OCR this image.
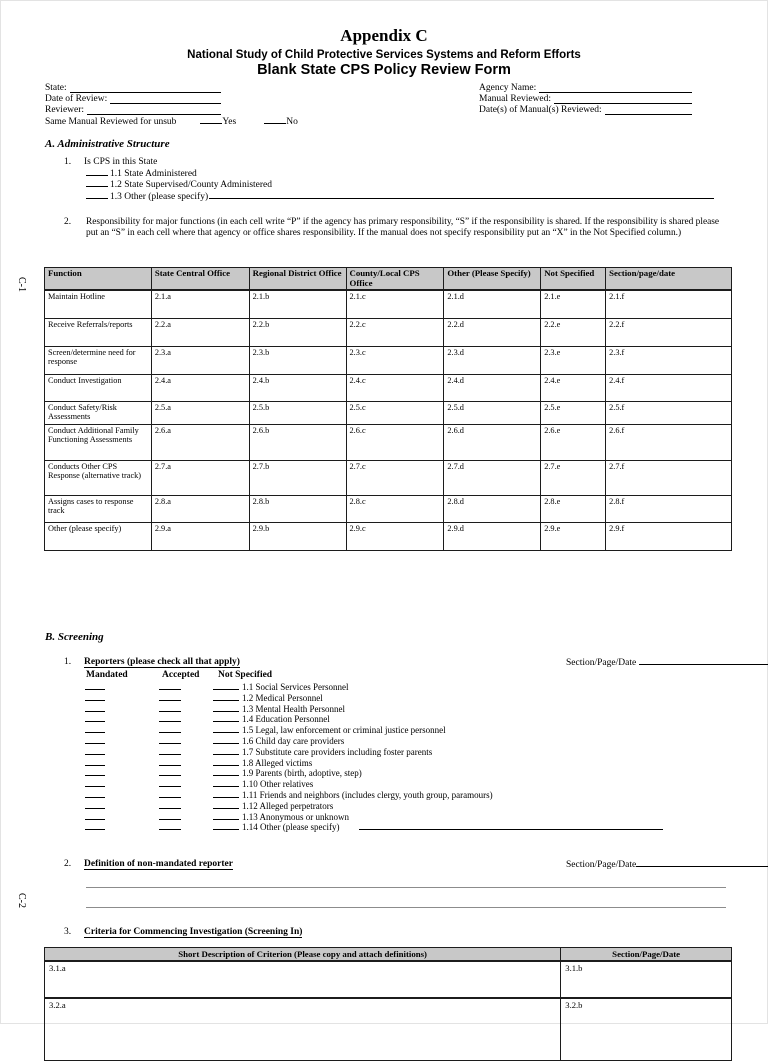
C-1
C-2
Appendix C
National Study of Child Protective Services Systems and Reform Efforts
Blank State CPS Policy Review Form
State:
Date of Review:
Reviewer:
Same Manual Reviewed for unsub	Yes	No
Agency Name:
Manual Reviewed:
Date(s) of Manual(s) Reviewed:
A. Administrative Structure
1. Is CPS in this State
1.1 State Administered
1.2 State Supervised/County Administered
1.3 Other (please specify)
2.	Responsibility for major functions (in each cell write “P” if the agency has primary responsibility, “S” if the responsibility is shared. If the responsibility is shared please put an “S” in each cell where that agency or office shares responsibility. If the manual does not specify responsibility put an “X” in the Not Specified column.)
Function	State Central Office	Regional District Office	County/Local CPS Office	Other (Please Specify)	Not Specified	Section/page/date
Maintain Hotline	2.1.a	2.1.b	2.1.c	2.1.d	2.1.e	2.1.f
Receive Referrals/reports	2.2.a	2.2.b	2.2.c	2.2.d	2.2.e	2.2.f
Screen/determine need for response	2.3.a	2.3.b	2.3.c	2.3.d	2.3.e	2.3.f
Conduct Investigation	2.4.a	2.4.b	2.4.c	2.4.d	2.4.e	2.4.f
Conduct Safety/Risk Assessments	2.5.a	2.5.b	2.5.c	2.5.d	2.5.e	2.5.f
Conduct Additional Family Functioning Assessments	2.6.a	2.6.b	2.6.c	2.6.d	2.6.e	2.6.f
Conducts Other CPS Response (alternative track)	2.7.a	2.7.b	2.7.c	2.7.d	2.7.e	2.7.f
Assigns cases to response track	2.8.a	2.8.b	2.8.c	2.8.d	2.8.e	2.8.f
Other (please specify)	2.9.a	2.9.b	2.9.c	2.9.d	2.9.e	2.9.f
B. Screening
1. Reporters (please check all that apply)	Section/Page/Date
Mandated	Accepted Not Specified
1.1 Social Services Personnel
1.2 Medical Personnel
1.3 Mental Health Personnel
1.4 Education Personnel
1.5 Legal, law enforcement or criminal justice personnel
1.6 Child day care providers
1.7 Substitute care providers including foster parents
1.8 Alleged victims
1.9 Parents (birth, adoptive, step)
1.10 Other relatives
1.11 Friends and neighbors (includes clergy, youth group, paramours)
1.12 Alleged perpetrators
1.13 Anonymous or unknown
1.14 Other (please specify)
2. Definition of non-mandated reporter	Section/Page/Date
3. Criteria for Commencing Investigation (Screening In)
Short Description of Criterion (Please copy and attach definitions)	Section/Page/Date
3.1.a	3.1.b
3.2.a	3.2.b
